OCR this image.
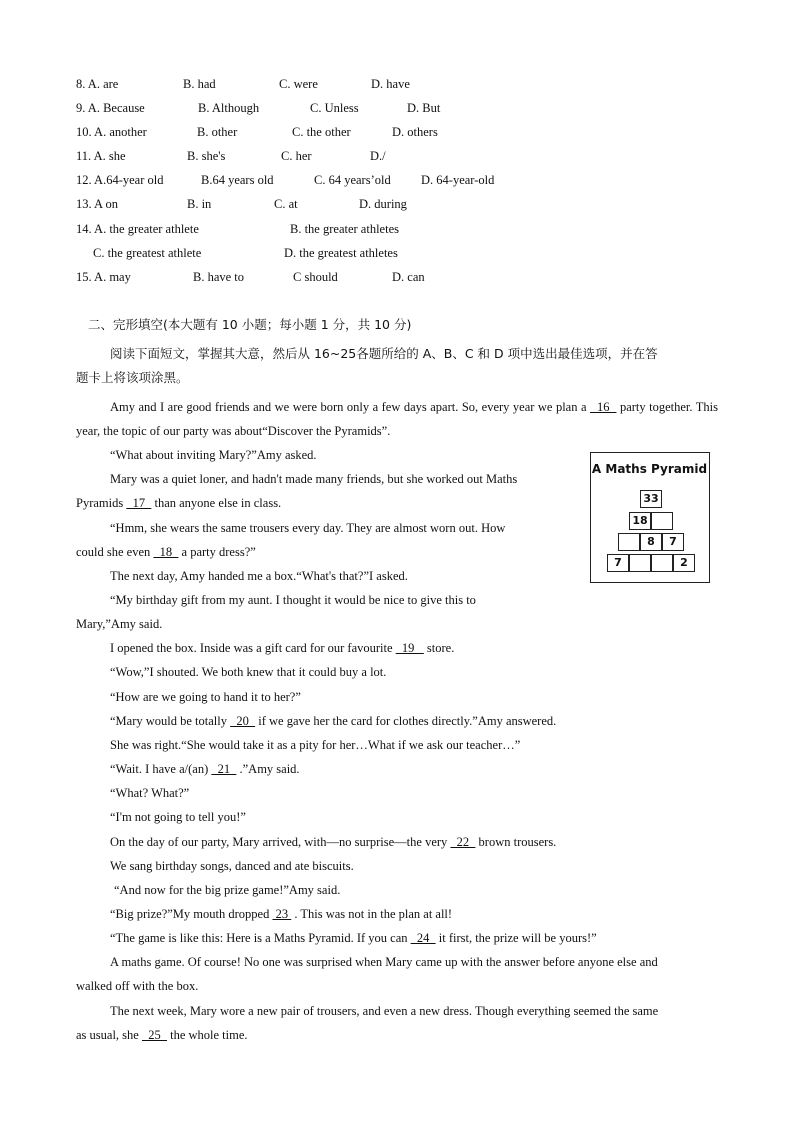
8. A. are	B. had	C. were	D. have
9. A. Because	B. Although	C. Unless	D. But
10. A. another	B. other	C. the other	D. others
11. A. she	B. she's	C. her	D./
12. A.64-year old	B.64 years old	C. 64 years’old D. 64-year-old
13. A on	B. in	C. at	D. during
14. A. the greater athlete	B. the greater athletes
C. the greatest athlete	D. the greatest athletes
15. A. may	B. have to	C should	D. can
二、完形填空(本大题有 10 小题；每小题 1 分，共 10 分)
阅读下面短文，掌握其大意，然后从 16~25各题所给的 A、B、C 和 D 项中选出最佳选项，并在答
题卡上将该项涂黑。
Amy and I are good friends and we were born only a few days apart. So, every year we plan a   16   party together. This year, the topic of our party was about“Discover the Pyramids”.
“What about inviting Mary?”Amy asked.
Mary was a quiet loner, and hadn't made many friends, but she worked out Maths
Pyramids   17   than anyone else in class.
“Hmm, she wears the same trousers every day. They are almost worn out. How
could she even   18   a party dress?”
The next day, Amy handed me a box.“What's that?”I asked.
“My birthday gift from my aunt. I thought it would be nice to give this to
Mary,”Amy said.
A Maths Pyramid
33
18
8	7
7	2
I opened the box. Inside was a gift card for our favourite   19    store.
“Wow,”I shouted. We both knew that it could buy a lot.
“How are we going to hand it to her?”
“Mary would be totally   20   if we gave her the card for clothes directly.”Amy answered.
She was right.“She would take it as a pity for her…What if we ask our teacher…”
“Wait. I have a/(an)   21   .”Amy said.
“What? What?”
“I'm not going to tell you!”
On the day of our party, Mary arrived, with—no surprise—the very   22   brown trousers.
We sang birthday songs, danced and ate biscuits.
“And now for the big prize game!”Amy said.
“Big prize?”My mouth dropped  23  . This was not in the plan at all!
“The game is like this: Here is a Maths Pyramid. If you can   24   it first, the prize will be yours!”
A maths game. Of course! No one was surprised when Mary came up with the answer before anyone else and
walked off with the box.
The next week, Mary wore a new pair of trousers, and even a new dress. Though everything seemed the same
as usual, she   25   the whole time.
